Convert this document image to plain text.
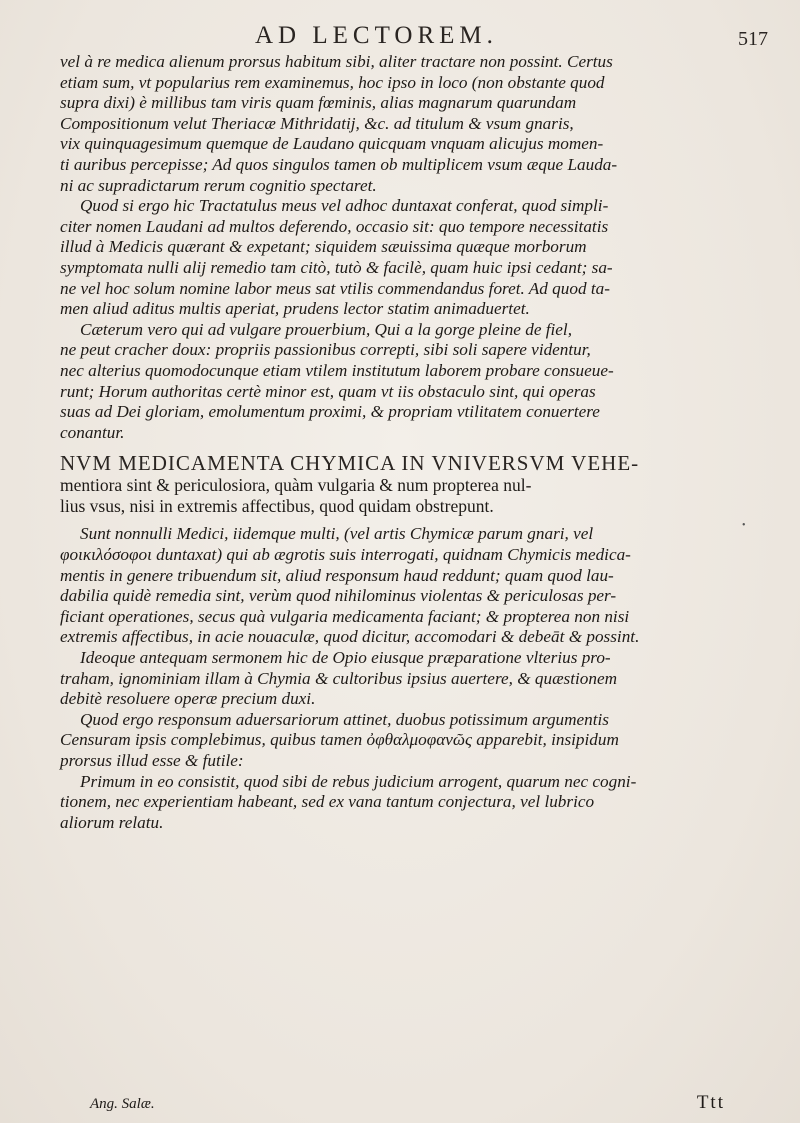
AD LECTOREM.	517
vel à re medica alienum prorsus habitum sibi, aliter tractare non possint. Certus
etiam sum, vt popularius rem examinemus, hoc ipso in loco (non obstante quod
supra dixi) è millibus tam viris quam fœminis, alias magnarum quarundam
Compositionum velut Theriacæ Mithridatij, &c. ad titulum & vsum gnaris,
vix quinquagesimum quemque de Laudano quicquam vnquam alicujus momen-
ti auribus percepisse; Ad quos singulos tamen ob multiplicem vsum æque Lauda-
ni ac supradictarum rerum cognitio spectaret.
Quod si ergo hic Tractatulus meus vel adhoc duntaxat conferat, quod simpli-
citer nomen Laudani ad multos deferendo, occasio sit: quo tempore necessitatis
illud à Medicis quærant & expetant; siquidem sæuissima quæque morborum
symptomata nulli alij remedio tam citò, tutò & facilè, quam huic ipsi cedant; sa-
ne vel hoc solum nomine labor meus sat vtilis commendandus foret. Ad quod ta-
men aliud aditus multis aperiat, prudens lector statim animaduertet.
Cæterum vero qui ad vulgare prouerbium, Qui a la gorge pleine de fiel,
ne peut cracher doux: propriis passionibus correpti, sibi soli sapere videntur,
nec alterius quomodocunque etiam vtilem institutum laborem probare consueue-
runt; Horum authoritas certè minor est, quam vt iis obstaculo sint, qui operas
suas ad Dei gloriam, emolumentum proximi, & propriam vtilitatem conuertere
conantur.
NVM MEDICAMENTA CHYMICA IN VNIVERSVM VEHE-
mentiora sint & periculosiora, quàm vulgaria & num propterea nul-
lius vsus, nisi in extremis affectibus, quod quidam obstrepunt.
Sunt nonnulli Medici, iidemque multi, (vel artis Chymicæ parum gnari, vel
φοικιλόσοφοι duntaxat) qui ab ægrotis suis interrogati, quidnam Chymicis medica-
mentis in genere tribuendum sit, aliud responsum haud reddunt; quam quod lau-
dabilia quidè remedia sint, verùm quod nihilominus violentas & periculosas per-
ficiant operationes, secus quà vulgaria medicamenta faciant; & propterea non nisi
extremis affectibus, in acie nouaculæ, quod dicitur, accomodari & debeāt & possint.
Ideoque antequam sermonem hic de Opio eiusque præparatione vlterius pro-
traham, ignominiam illam à Chymia & cultoribus ipsius auertere, & quæstionem
debitè resoluere operæ precium duxi.
Quod ergo responsum aduersariorum attinet, duobus potissimum argumentis
Censuram ipsis complebimus, quibus tamen ὀφθαλμοφανῶς apparebit, insipidum
prorsus illud esse & futile:
Primum in eo consistit, quod sibi de rebus judicium arrogent, quarum nec cogni-
tionem, nec experientiam habeant, sed ex vana tantum conjectura, vel lubrico
aliorum relatu.
•
Ang. Salæ.	Ttt
